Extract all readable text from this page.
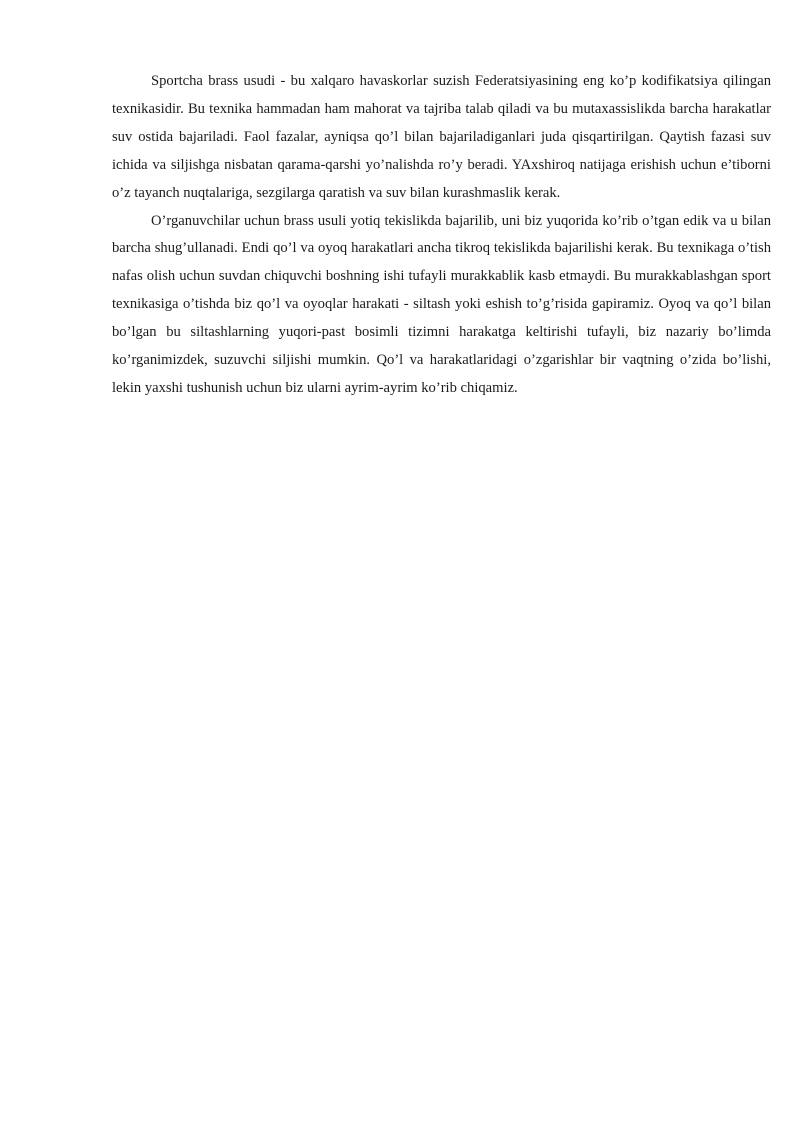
Sportcha brass usudi - bu xalqaro havaskorlar suzish Federatsiyasining eng ko’p kodifikatsiya qilingan texnikasidir. Bu texnika hammadan ham mahorat va tajriba talab qiladi va bu mutaxassislikda barcha harakatlar suv ostida bajariladi. Faol fazalar, ayniqsa qo’l bilan bajariladiganlari juda qisqartirilgan. Qaytish fazasi suv ichida va siljishga nisbatan qarama-qarshi yo’nalishda ro’y beradi. YAxshiroq natijaga erishish uchun e’tiborni o’z tayanch nuqtalariga, sezgilarga qaratish va suv bilan kurashmaslik kerak.

O’rganuvchilar uchun brass usuli yotiq tekislikda bajarilib, uni biz yuqorida ko’rib o’tgan edik va u bilan barcha shug’ullanadi. Endi qo’l va oyoq harakatlari ancha tikroq tekislikda bajarilishi kerak. Bu texnikaga o’tish nafas olish uchun suvdan chiquvchi boshning ishi tufayli murakkablik kasb etmaydi. Bu murakkablashgan sport texnikasiga o’tishda biz qo’l va oyoqlar harakati - siltash yoki eshish to’g’risida gapiramiz. Oyoq va qo’l bilan bo’lgan bu siltashlarning yuqori-past bosimli tizimni harakatga keltirishi tufayli, biz nazariy bo’limda ko’rganimizdek, suzuvchi siljishi mumkin. Qo’l va harakatlaridagi o’zgarishlar bir vaqtning o’zida bo’lishi, lekin yaxshi tushunish uchun biz ularni ayrim-ayrim ko’rib chiqamiz.
